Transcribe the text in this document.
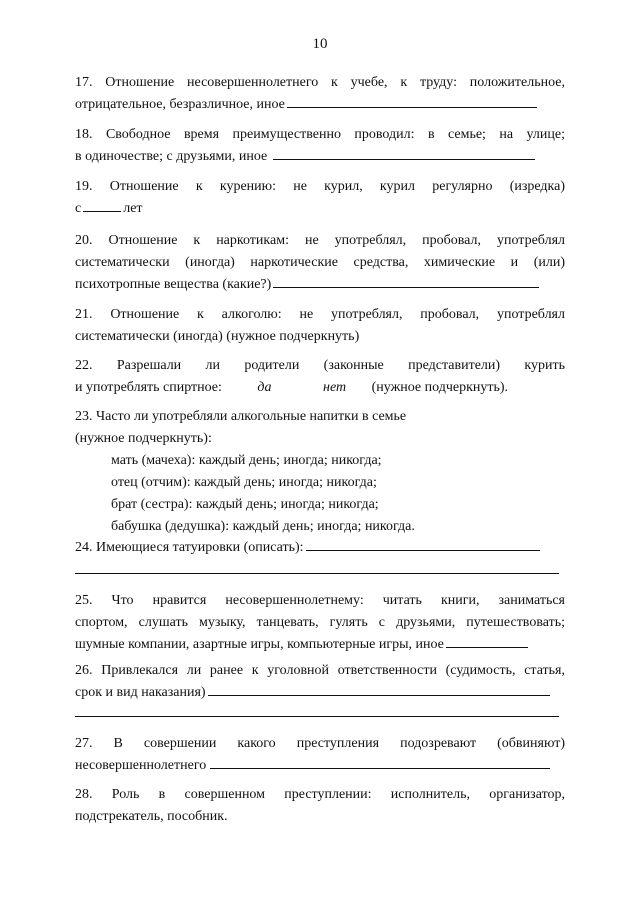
10
17. Отношение несовершеннолетнего к учебе, к труду: положительное,
отрицательное, безразличное, иное
18. Свободное время преимущественно проводил: в семье; на улице;
в одиночестве; с друзьями, иное
19. Отношение к курению: не курил, курил регулярно (изредка)
с	лет
20. Отношение к наркотикам: не употреблял, пробовал, употреблял
систематически (иногда) наркотические средства, химические и (или)
психотропные вещества (какие?)
21. Отношение к алкоголю: не употреблял, пробовал, употреблял
систематически (иногда) (нужное подчеркнуть)
22. Разрешали ли родители (законные представители) курить
и употреблять спиртное:	да	нет (нужное подчеркнуть).
23. Часто ли употребляли алкогольные напитки в семье
(нужное подчеркнуть):
мать (мачеха): каждый день; иногда; никогда;
отец (отчим): каждый день; иногда; никогда;
брат (сестра): каждый день; иногда; никогда;
бабушка (дедушка): каждый день; иногда; никогда.
24. Имеющиеся татуировки (описать):
25. Что нравится несовершеннолетнему: читать книги, заниматься
спортом, слушать музыку, танцевать, гулять с друзьями, путешествовать;
шумные компании, азартные игры, компьютерные игры, иное
26. Привлекался ли ранее к уголовной ответственности (судимость, статья,
срок и вид наказания)
27. В совершении какого преступления подозревают (обвиняют)
несовершеннолетнего
28. Роль в совершенном преступлении: исполнитель, организатор,
подстрекатель, пособник.
